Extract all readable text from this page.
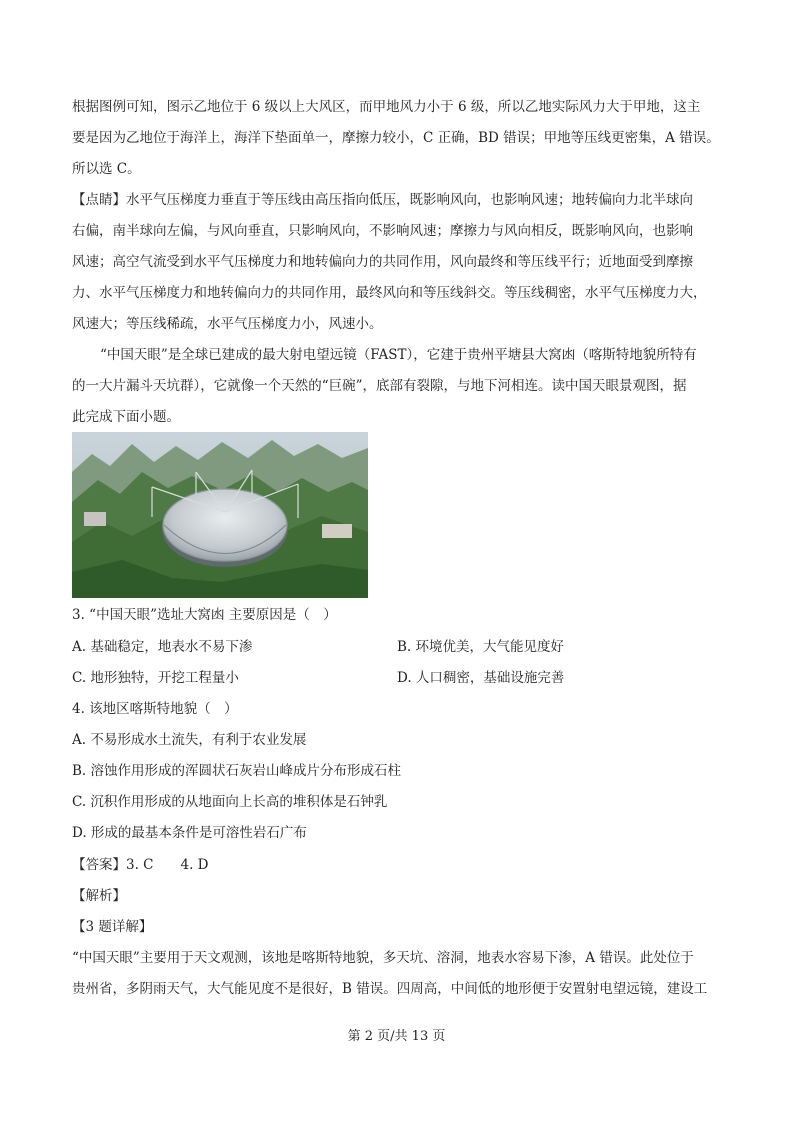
根据图例可知，图示乙地位于 6 级以上大风区，而甲地风力小于 6 级，所以乙地实际风力大于甲地，这主
要是因为乙地位于海洋上，海洋下垫面单一，摩擦力较小，C 正确，BD 错误；甲地等压线更密集，A 错误。
所以选 C。
【点睛】水平气压梯度力垂直于等压线由高压指向低压，既影响风向，也影响风速；地转偏向力北半球向
右偏，南半球向左偏，与风向垂直，只影响风向，不影响风速；摩擦力与风向相反，既影响风向，也影响
风速；高空气流受到水平气压梯度力和地转偏向力的共同作用，风向最终和等压线平行；近地面受到摩擦
力、水平气压梯度力和地转偏向力的共同作用，最终风向和等压线斜交。等压线稠密，水平气压梯度力大，
风速大；等压线稀疏，水平气压梯度力小，风速小。
“中国天眼”是全球已建成的最大射电望远镜（FAST），它建于贵州平塘县大窝凼（喀斯特地貌所特有
的一大片漏斗天坑群），它就像一个天然的“巨碗”，底部有裂隙，与地下河相连。读中国天眼景观图，据
此完成下面小题。
3. “中国天眼”选址大窝凼 主要原因是（　）
A. 基础稳定，地表水不易下渗	B. 环境优美，大气能见度好
C. 地形独特，开挖工程量小	D. 人口稠密，基础设施完善
4. 该地区喀斯特地貌（　）
A. 不易形成水土流失，有利于农业发展
B. 溶蚀作用形成的浑圆状石灰岩山峰成片分布形成石柱
C. 沉积作用形成的从地面向上长高的堆积体是石钟乳
D. 形成的最基本条件是可溶性岩石广布
【答案】3. C　　4. D
【解析】
【3 题详解】
“中国天眼”主要用于天文观测，该地是喀斯特地貌，多天坑、溶洞，地表水容易下渗，A 错误。此处位于
贵州省，多阴雨天气，大气能见度不是很好，B 错误。四周高，中间低的地形便于安置射电望远镜，建设工
第 2 页/共 13 页
